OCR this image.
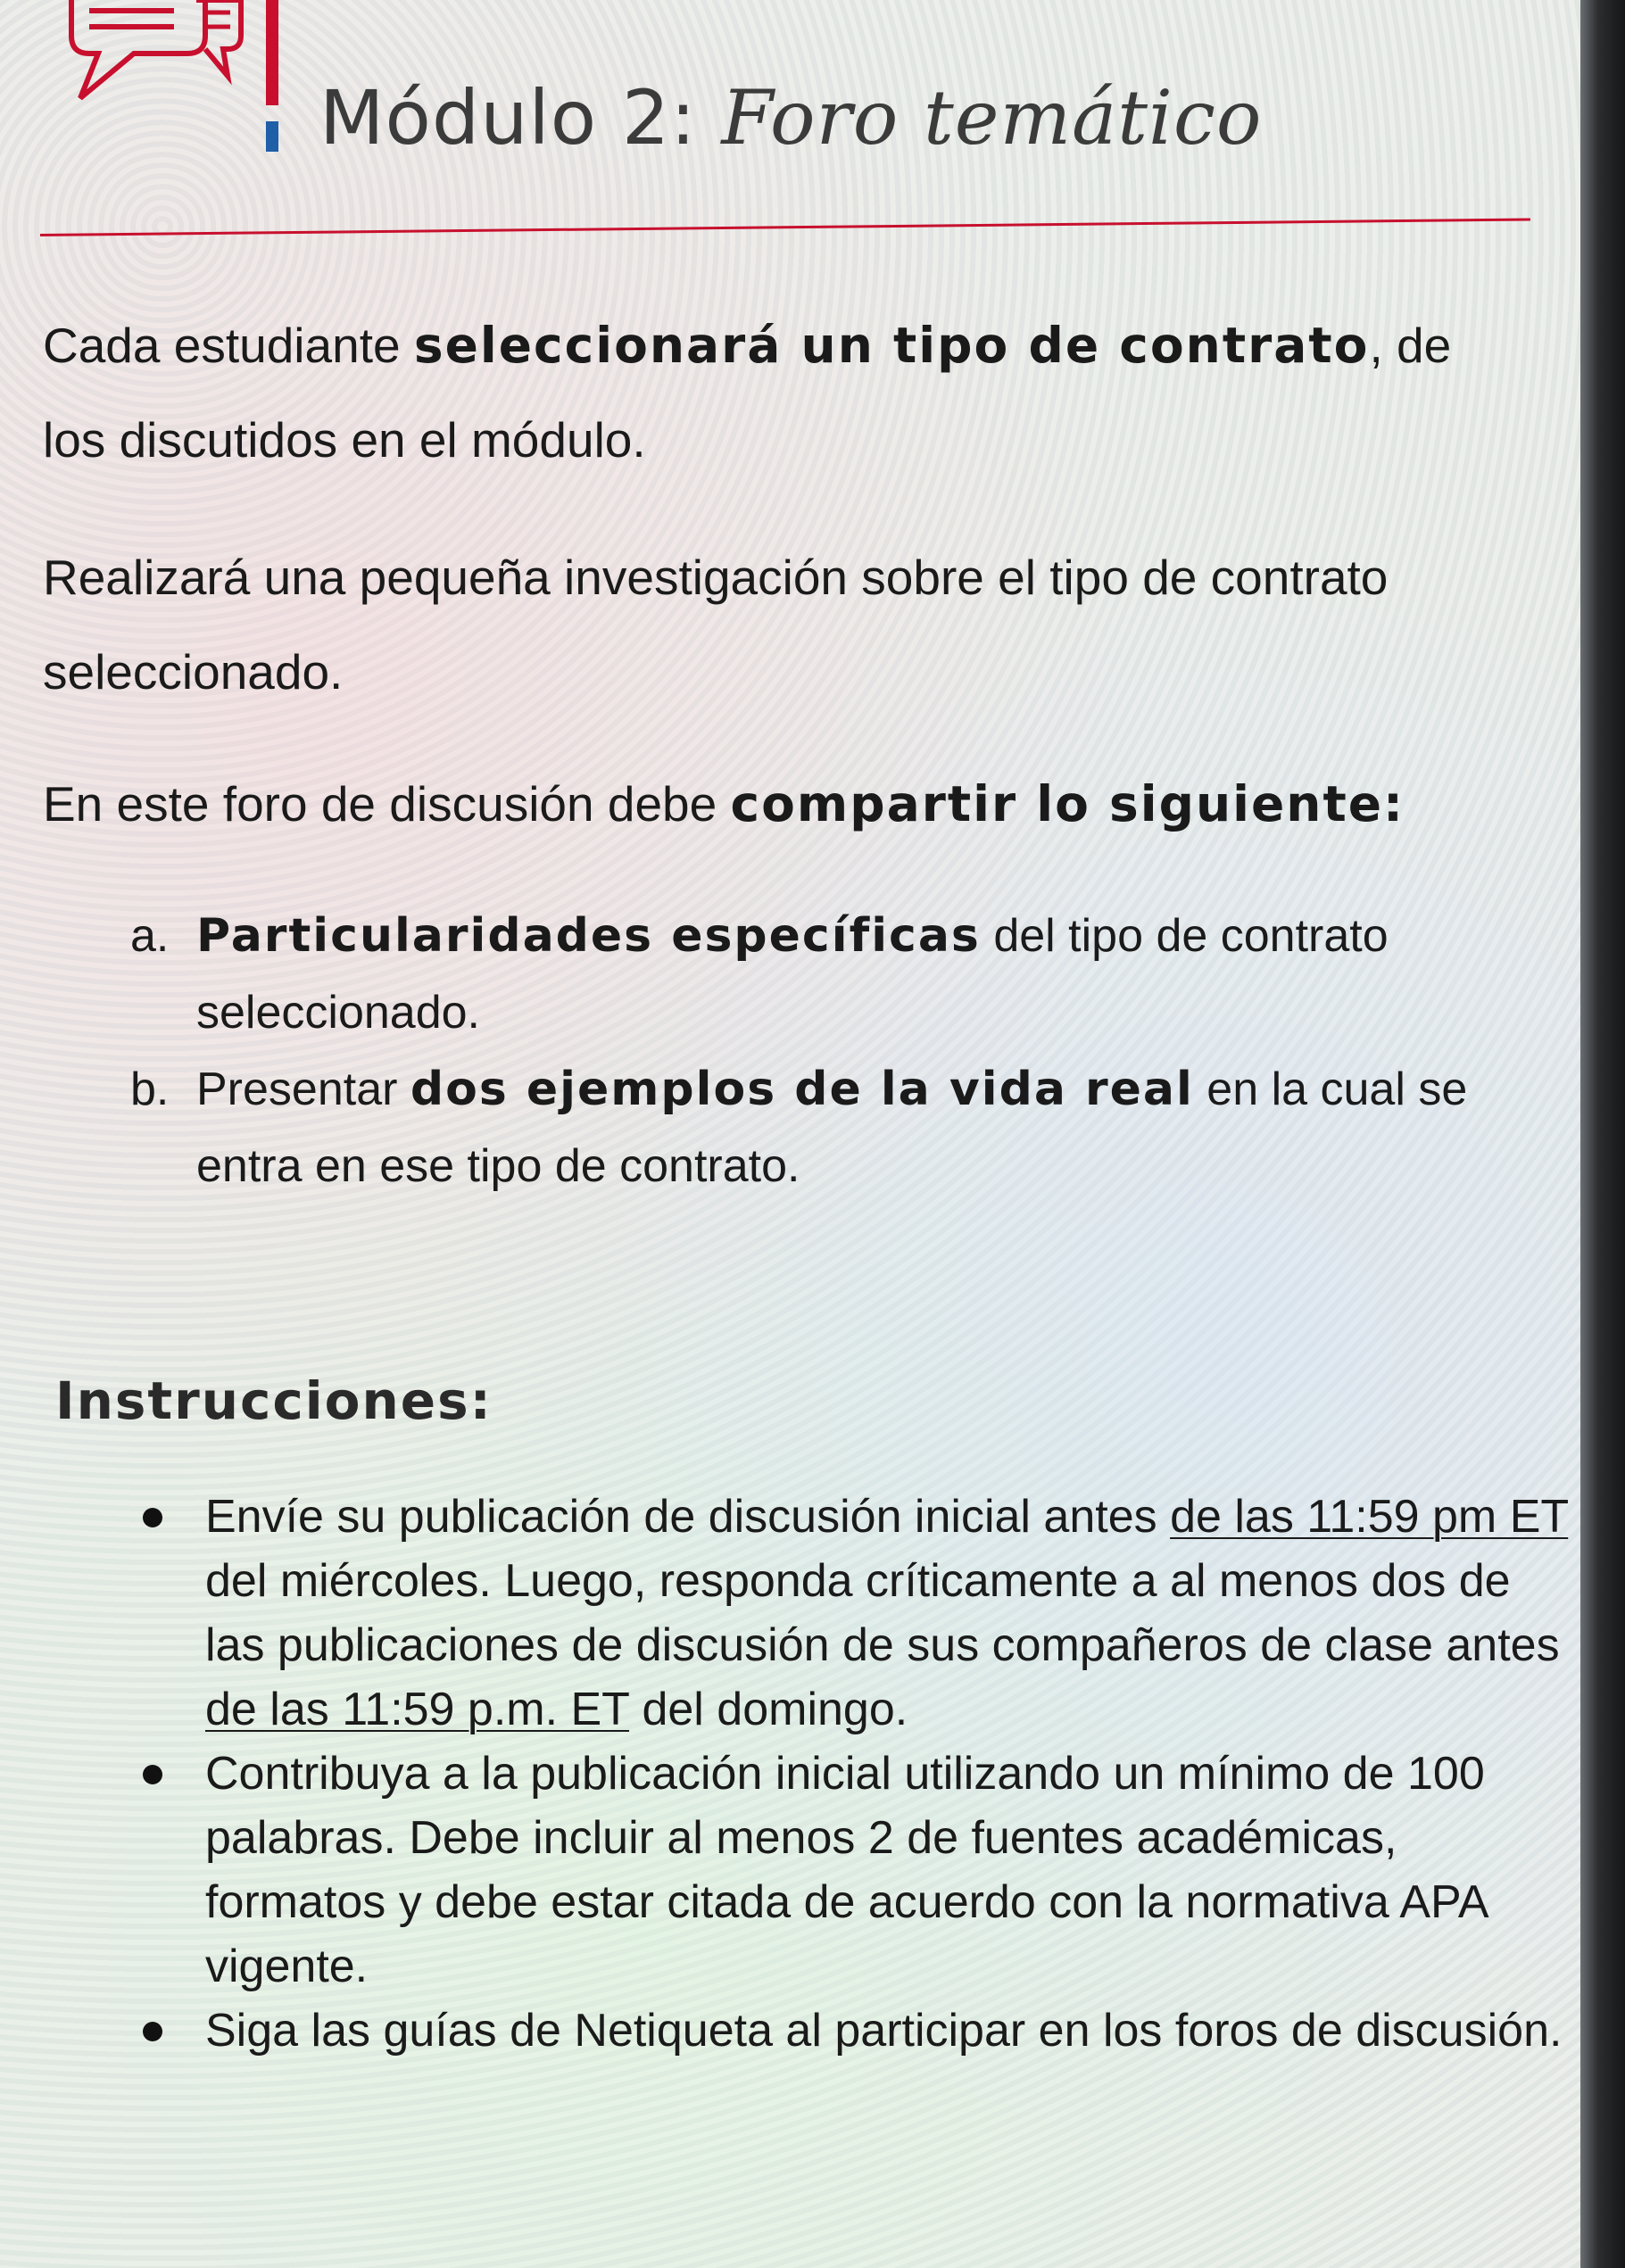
Módulo 2: Foro temático
Cada estudiante seleccionará un tipo de contrato, de los discutidos en el módulo.
Realizará una pequeña investigación sobre el tipo de contrato seleccionado.
En este foro de discusión debe compartir lo siguiente:
a. Particularidades específicas del tipo de contrato seleccionado.
b. Presentar dos ejemplos de la vida real en la cual se entra en ese tipo de contrato.
Instrucciones:
Envíe su publicación de discusión inicial antes de las 11:59 pm ET del miércoles. Luego, responda críticamente a al menos dos de las publicaciones de discusión de sus compañeros de clase antes de las 11:59 p.m. ET del domingo.
Contribuya a la publicación inicial utilizando un mínimo de 100 palabras. Debe incluir al menos 2 de fuentes académicas, formatos y debe estar citada de acuerdo con la normativa APA vigente.
Siga las guías de Netiqueta al participar en los foros de discusión.
